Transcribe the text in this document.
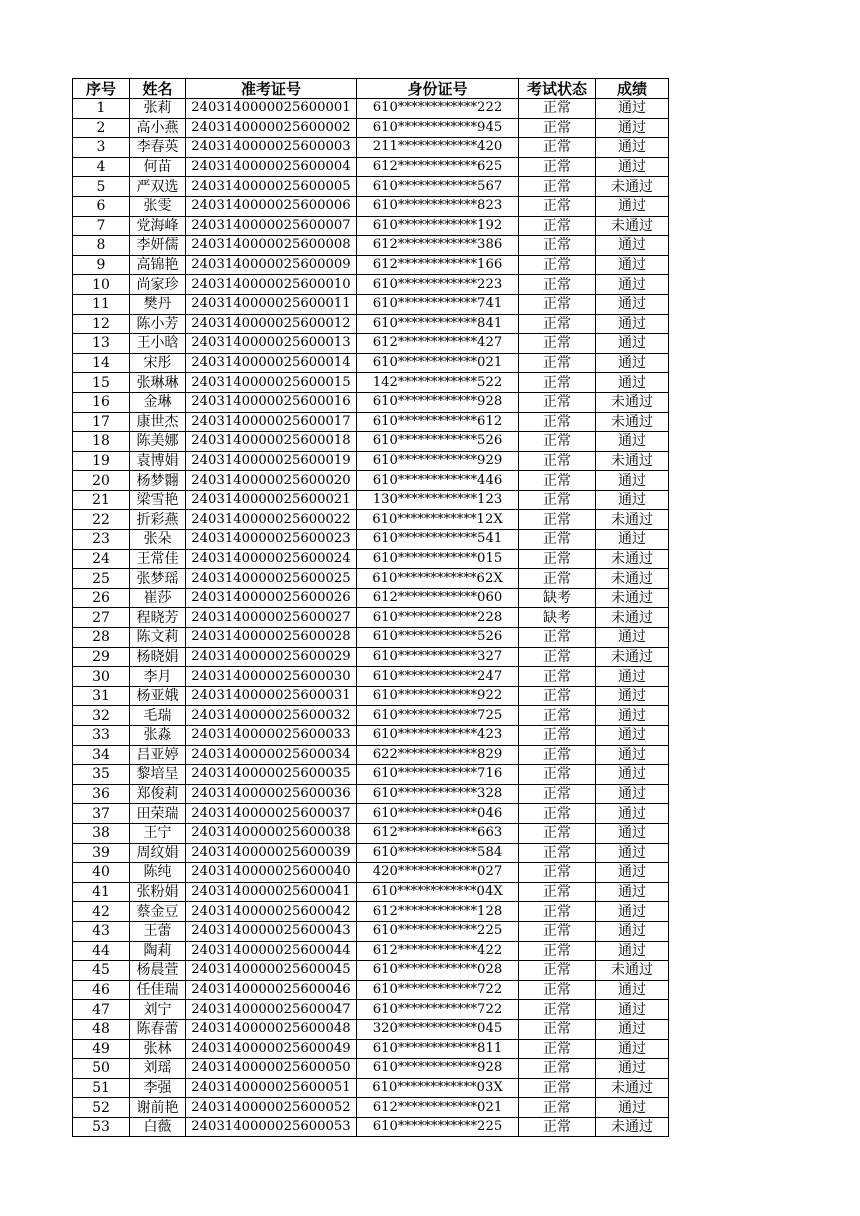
序号	姓名	准考证号	身份证号	考试状态	成绩
1	张莉	2403140000025600001	610************222	正常	通过
2	高小燕	2403140000025600002	610************945	正常	通过
3	李春英	2403140000025600003	211************420	正常	通过
4	何苗	2403140000025600004	612************625	正常	通过
5	严双选	2403140000025600005	610************567	正常	未通过
6	张雯	2403140000025600006	610************823	正常	通过
7	党海峰	2403140000025600007	610************192	正常	未通过
8	李妍儒	2403140000025600008	612************386	正常	通过
9	高锦艳	2403140000025600009	612************166	正常	通过
10	尚家珍	2403140000025600010	610************223	正常	通过
11	樊丹	2403140000025600011	610************741	正常	通过
12	陈小芳	2403140000025600012	610************841	正常	通过
13	王小晗	2403140000025600013	612************427	正常	通过
14	宋彤	2403140000025600014	610************021	正常	通过
15	张琳琳	2403140000025600015	142************522	正常	通过
16	金琳	2403140000025600016	610************928	正常	未通过
17	康世杰	2403140000025600017	610************612	正常	未通过
18	陈美娜	2403140000025600018	610************526	正常	通过
19	袁博娟	2403140000025600019	610************929	正常	未通过
20	杨梦翾	2403140000025600020	610************446	正常	通过
21	梁雪艳	2403140000025600021	130************123	正常	通过
22	折彩燕	2403140000025600022	610************12X	正常	未通过
23	张朵	2403140000025600023	610************541	正常	通过
24	王常佳	2403140000025600024	610************015	正常	未通过
25	张梦瑶	2403140000025600025	610************62X	正常	未通过
26	崔莎	2403140000025600026	612************060	缺考	未通过
27	程晓芳	2403140000025600027	610************228	缺考	未通过
28	陈文莉	2403140000025600028	610************526	正常	通过
29	杨晓娟	2403140000025600029	610************327	正常	未通过
30	李月	2403140000025600030	610************247	正常	通过
31	杨亚娥	2403140000025600031	610************922	正常	通过
32	毛瑞	2403140000025600032	610************725	正常	通过
33	张淼	2403140000025600033	610************423	正常	通过
34	吕亚婷	2403140000025600034	622************829	正常	通过
35	黎培呈	2403140000025600035	610************716	正常	通过
36	郑俊莉	2403140000025600036	610************328	正常	通过
37	田荣瑞	2403140000025600037	610************046	正常	通过
38	王宁	2403140000025600038	612************663	正常	通过
39	周纹娟	2403140000025600039	610************584	正常	通过
40	陈纯	2403140000025600040	420************027	正常	通过
41	张粉娟	2403140000025600041	610************04X	正常	通过
42	蔡金豆	2403140000025600042	612************128	正常	通过
43	王蕾	2403140000025600043	610************225	正常	通过
44	陶莉	2403140000025600044	612************422	正常	通过
45	杨晨萱	2403140000025600045	610************028	正常	未通过
46	任佳瑞	2403140000025600046	610************722	正常	通过
47	刘宁	2403140000025600047	610************722	正常	通过
48	陈春蕾	2403140000025600048	320************045	正常	通过
49	张林	2403140000025600049	610************811	正常	通过
50	刘瑶	2403140000025600050	610************928	正常	通过
51	李强	2403140000025600051	610************03X	正常	未通过
52	谢前艳	2403140000025600052	612************021	正常	通过
53	白薇	2403140000025600053	610************225	正常	未通过
